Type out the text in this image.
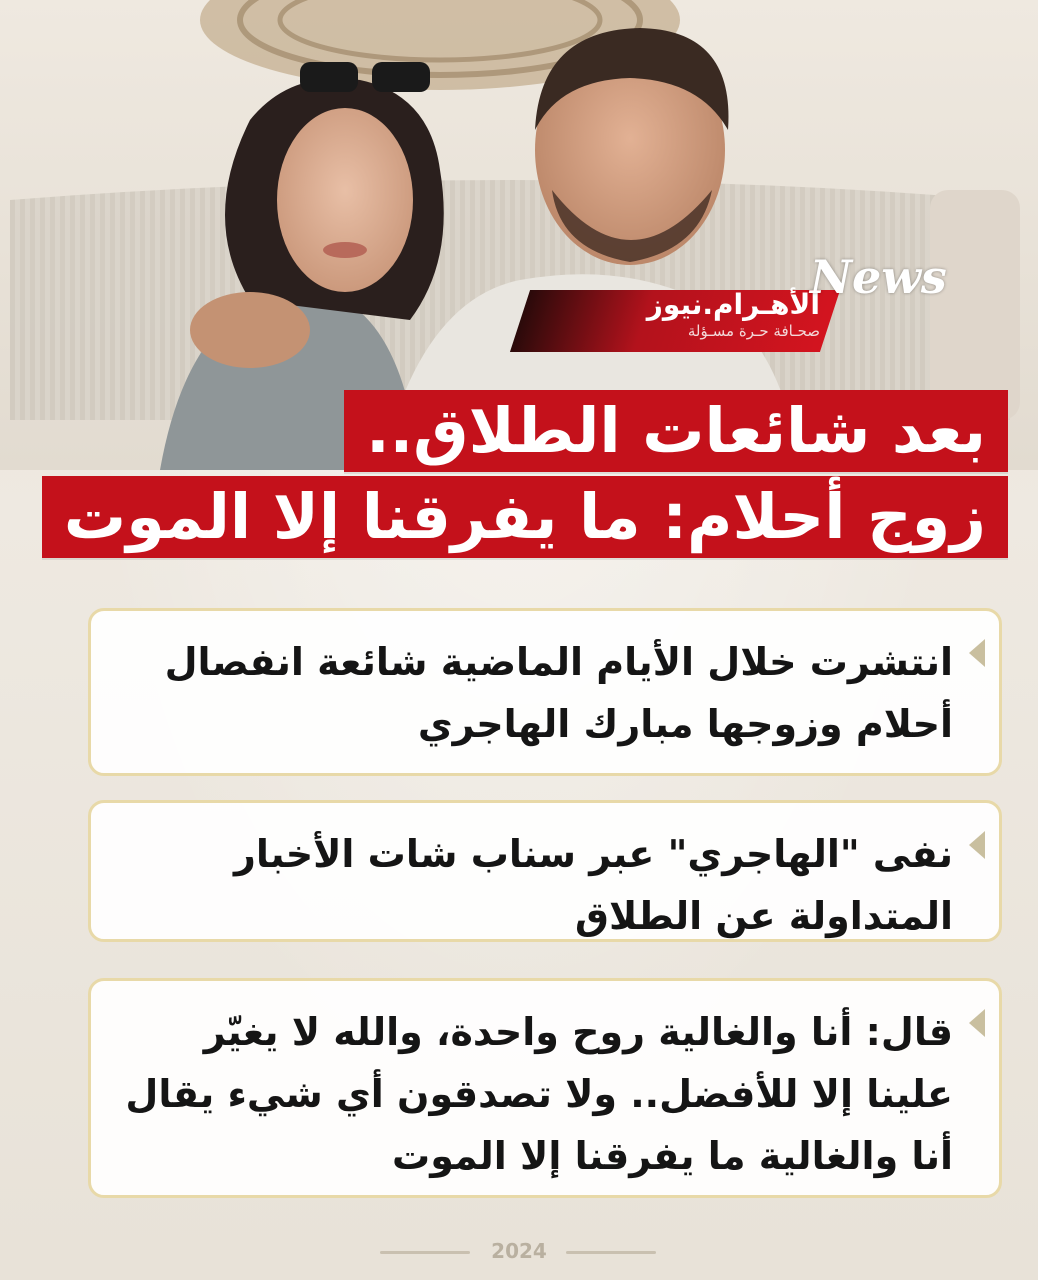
الأهـرام.نيوز
صحـافة حـرة مسـؤلة
News
بعد شائعات الطلاق..
زوج أحلام: ما يفرقنا إلا الموت
انتشرت خلال الأيام الماضية شائعة انفصال أحلام وزوجها مبارك الهاجري
نفى "الهاجري" عبر سناب شات الأخبار المتداولة عن الطلاق
قال: أنا والغالية روح واحدة، والله لا يغيّر علينا إلا للأفضل.. ولا تصدقون أي شيء يقال أنا والغالية ما يفرقنا إلا الموت
2024
